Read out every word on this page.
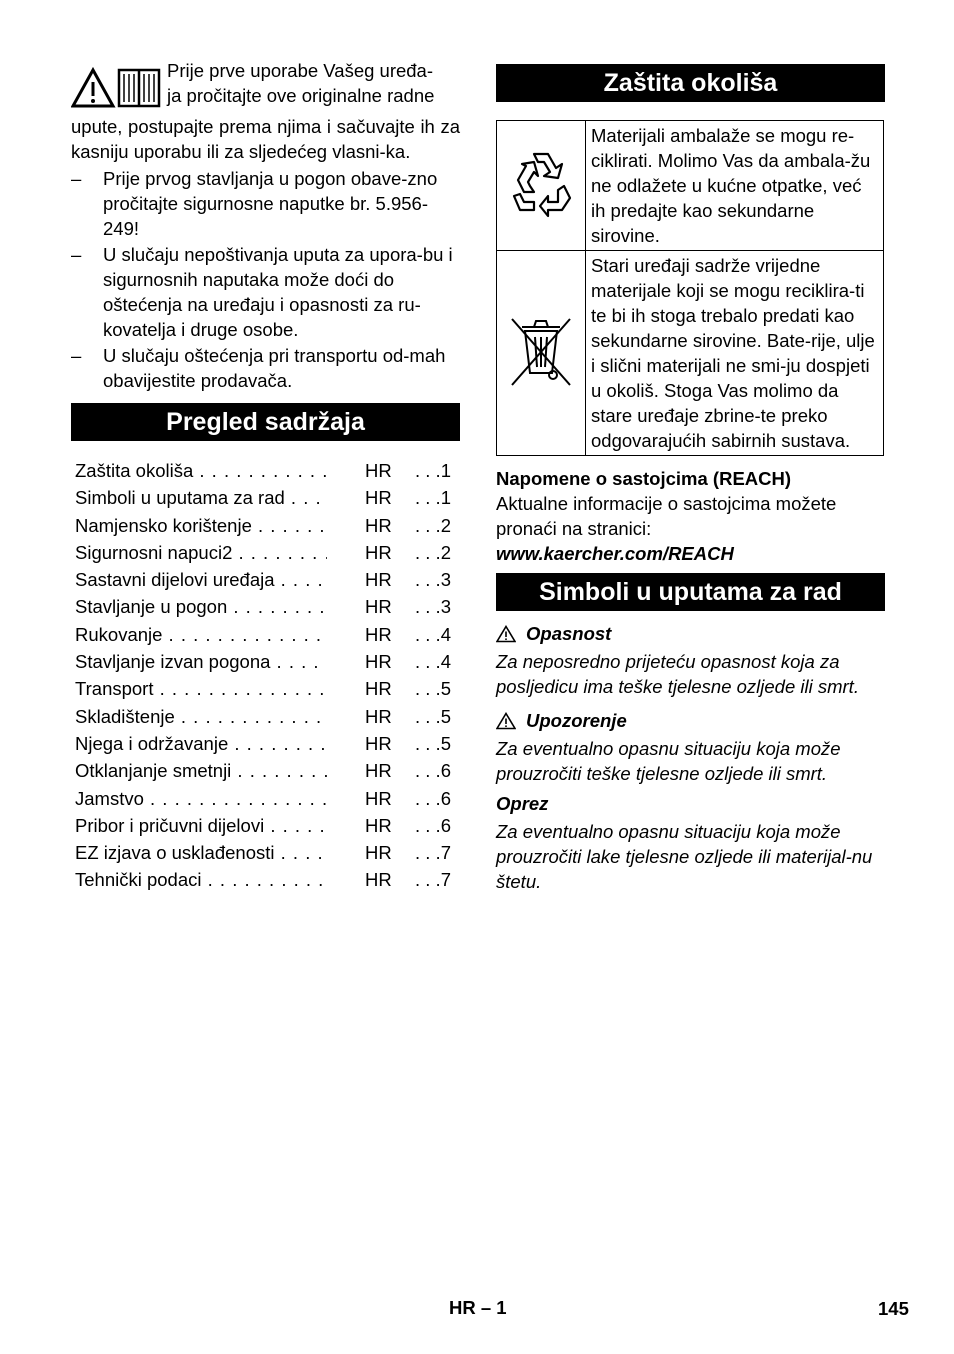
Prije prve uporabe Vašeg uređa-
ja pročitajte ove originalne radne

upute, postupajte prema njima i sačuvajte ih za kasniju uporabu ili za sljedećeg vlasni-ka.

– Prije prvog stavljanja u pogon obave-zno pročitajte sigurnosne naputke br. 5.956-249!
– U slučaju nepoštivanja uputa za upora-bu i sigurnosnih naputaka može doći do oštećenja na uređaju i opasnosti za ru-kovatelja i druge osobe.
– U slučaju oštećenja pri transportu od-mah obavijestite prodavača.
Pregled sadržaja
Zaštita okoliša . . .	HR	. . .1
Simboli u uputama za rad . . .	HR	. . .1
Namjensko korištenje . . .	HR	. . .2
Sigurnosni napuci2 . . .	HR	. . .2
Sastavni dijelovi uređaja . . .	HR	. . .3
Stavljanje u pogon . . .	HR	. . .3
Rukovanje . . .	HR	. . .4
Stavljanje izvan pogona . . .	HR	. . .4
Transport . . .	HR	. . .5
Skladištenje . . .	HR	. . .5
Njega i održavanje . . .	HR	. . .5
Otklanjanje smetnji . . .	HR	. . .6
Jamstvo . . .	HR	. . .6
Pribor i pričuvni dijelovi . . .	HR	. . .6
EZ izjava o usklađenosti . . .	HR	. . .7
Tehnički podaci . . .	HR	. . .7
Zaštita okoliša
	Materijali ambalaže se mogu re-ciklirati. Molimo Vas da ambala-žu ne odlažete u kućne otpatke, već ih predajte kao sekundarne sirovine.
	Stari uređaji sadrže vrijedne materijale koji se mogu reciklira-ti te bi ih stoga trebalo predati kao sekundarne sirovine. Bate-rije, ulje i slični materijali ne smi-ju dospjeti u okoliš. Stoga Vas molimo da stare uređaje zbrine-te preko odgovarajućih sabirnih sustava.
Napomene o sastojcima (REACH)
Aktualne informacije o sastojcima možete pronaći na stranici:
www.kaercher.com/REACH
Simboli u uputama za rad
Opasnost
Za neposredno prijeteću opasnost koja za posljedicu ima teške tjelesne ozljede ili smrt.
Upozorenje
Za eventualno opasnu situaciju koja može prouzročiti teške tjelesne ozljede ili smrt.
Oprez
Za eventualno opasnu situaciju koja može prouzročiti lake tjelesne ozljede ili materijal-nu štetu.
HR – 1	145
